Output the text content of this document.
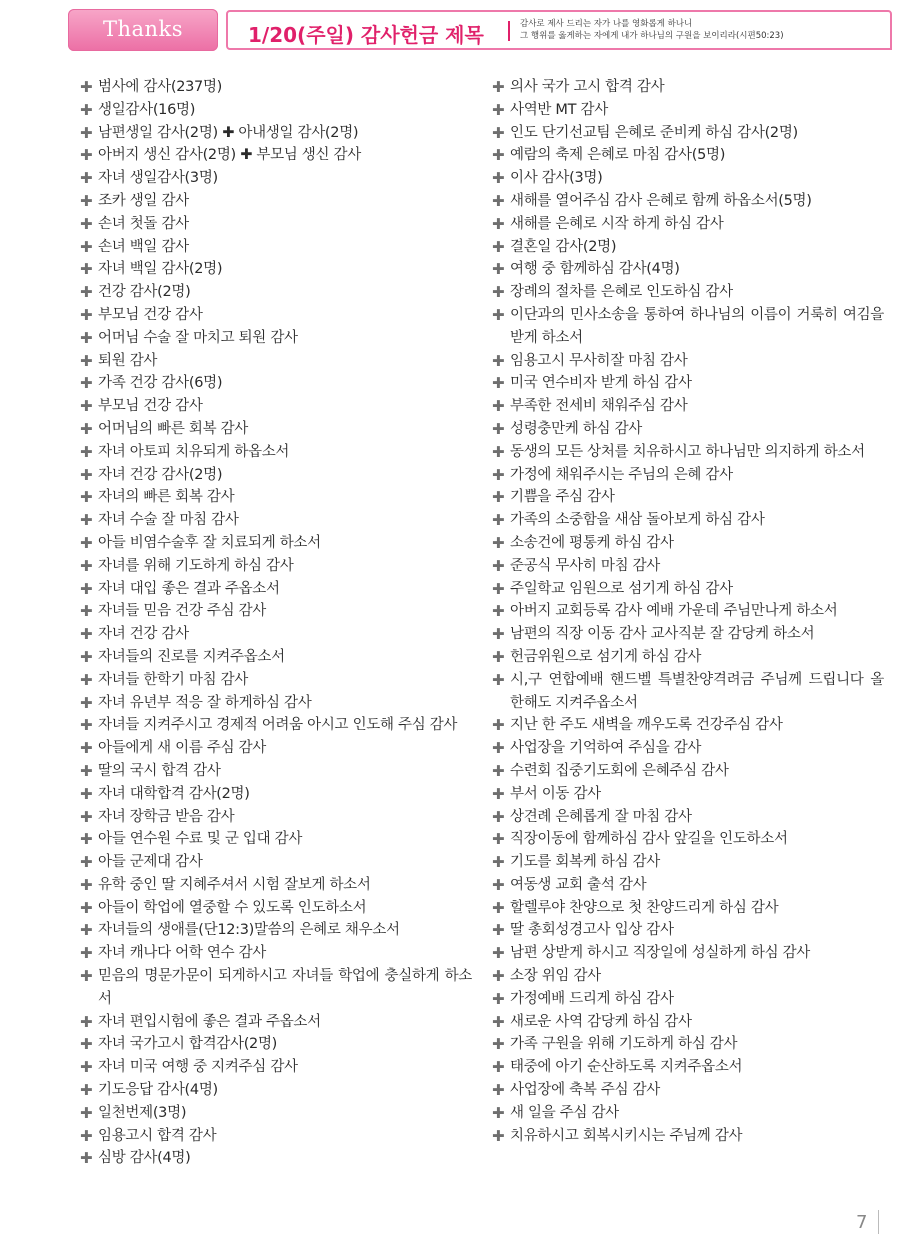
Thanks	1/20(주일) 감사헌금 제목	감사로 제사 드리는 자가 나를 영화롭게 하나니
그 행위를 옳게하는 자에게 내가 하나님의 구원을 보이리라(시편50:23)
✚ 범사에 감사(237명)
✚ 생일감사(16명)
✚ 남편생일 감사(2명) ✚ 아내생일 감사(2명)
✚ 아버지 생신 감사(2명) ✚ 부모님 생신 감사
✚ 자녀 생일감사(3명)
✚ 조카 생일 감사
✚ 손녀 첫돌 감사
✚ 손녀 백일 감사
✚ 자녀 백일 감사(2명)
✚ 건강 감사(2명)
✚ 부모님 건강 감사
✚ 어머님 수술 잘 마치고 퇴원 감사
✚ 퇴원 감사
✚ 가족 건강 감사(6명)
✚ 부모님 건강 감사
✚ 어머님의 빠른 회복 감사
✚ 자녀 아토피 치유되게 하옵소서
✚ 자녀 건강 감사(2명)
✚ 자녀의 빠른 회복 감사
✚ 자녀 수술 잘 마침 감사
✚ 아들 비염수술후 잘 치료되게 하소서
✚ 자녀를 위해 기도하게 하심 감사
✚ 자녀 대입 좋은 결과 주옵소서
✚ 자녀들 믿음 건강 주심 감사
✚ 자녀 건강 감사
✚ 자녀들의 진로를 지켜주옵소서
✚ 자녀들 한학기 마침 감사
✚ 자녀 유년부 적응 잘 하게하심 감사
✚ 자녀들 지켜주시고 경제적 어려움 아시고 인도해 주심 감사
✚ 아들에게 새 이름 주심 감사
✚ 딸의 국시 합격 감사
✚ 자녀 대학합격 감사(2명)
✚ 자녀 장학금 받음 감사
✚ 아들 연수원 수료 및 군 입대 감사
✚ 아들 군제대 감사
✚ 유학 중인 딸 지혜주셔서 시험 잘보게 하소서
✚ 아들이 학업에 열중할 수 있도록 인도하소서
✚ 자녀들의 생애를(단12:3)말씀의 은혜로 채우소서
✚ 자녀 캐나다 어학 연수 감사
✚ 믿음의 명문가문이 되게하시고 자녀들 학업에 충실하게 하소서
✚ 자녀 편입시험에 좋은 결과 주옵소서
✚ 자녀 국가고시 합격감사(2명)
✚ 자녀 미국 여행 중 지켜주심 감사
✚ 기도응답 감사(4명)
✚ 일천번제(3명)
✚ 임용고시 합격 감사
✚ 심방 감사(4명)
✚ 의사 국가 고시 합격 감사
✚ 사역반 MT 감사
✚ 인도 단기선교팀 은혜로 준비케 하심 감사(2명)
✚ 예람의 축제 은혜로 마침 감사(5명)
✚ 이사 감사(3명)
✚ 새해를 열어주심 감사 은혜로 함께 하옵소서(5명)
✚ 새해를 은혜로 시작 하게 하심 감사
✚ 결혼일 감사(2명)
✚ 여행 중 함께하심 감사(4명)
✚ 장례의 절차를 은혜로 인도하심 감사
✚ 이단과의 민사소송을 통하여 하나님의 이름이 거룩히 여김을 받게 하소서
✚ 임용고시 무사히잘 마침 감사
✚ 미국 연수비자 받게 하심 감사
✚ 부족한 전세비 채워주심 감사
✚ 성령충만케 하심 감사
✚ 동생의 모든 상처를 치유하시고 하나님만 의지하게 하소서
✚ 가정에 채워주시는 주님의 은혜 감사
✚ 기쁨을 주심 감사
✚ 가족의 소중함을 새삼 돌아보게 하심 감사
✚ 소송건에 평통케 하심 감사
✚ 준공식 무사히 마침 감사
✚ 주일학교 임원으로 섬기게 하심 감사
✚ 아버지 교회등록 감사 예배 가운데 주님만나게 하소서
✚ 남편의 직장 이동 감사 교사직분 잘 감당케 하소서
✚ 헌금위원으로 섬기게 하심 감사
✚ 시,구 연합예배 핸드벨 특별찬양격려금 주님께 드립니다 올 한해도 지켜주옵소서
✚ 지난 한 주도 새벽을 깨우도록 건강주심 감사
✚ 사업장을 기억하여 주심을 감사
✚ 수련회 집중기도회에 은혜주심 감사
✚ 부서 이동 감사
✚ 상견례 은혜롭게 잘 마침 감사
✚ 직장이동에 함께하심 감사 앞길을 인도하소서
✚ 기도를 회복케 하심 감사
✚ 여동생 교회 출석 감사
✚ 할렐루야 찬양으로 첫 찬양드리게 하심 감사
✚ 딸 총회성경고사 입상 감사
✚ 남편 상받게 하시고 직장일에 성실하게 하심 감사
✚ 소장 위임 감사
✚ 가정예배 드리게 하심 감사
✚ 새로운 사역 감당케 하심 감사
✚ 가족 구원을 위해 기도하게 하심 감사
✚ 태중에 아기 순산하도록 지켜주옵소서
✚ 사업장에 축복 주심 감사
✚ 새 일을 주심 감사
✚ 치유하시고 회복시키시는 주님께 감사
7
